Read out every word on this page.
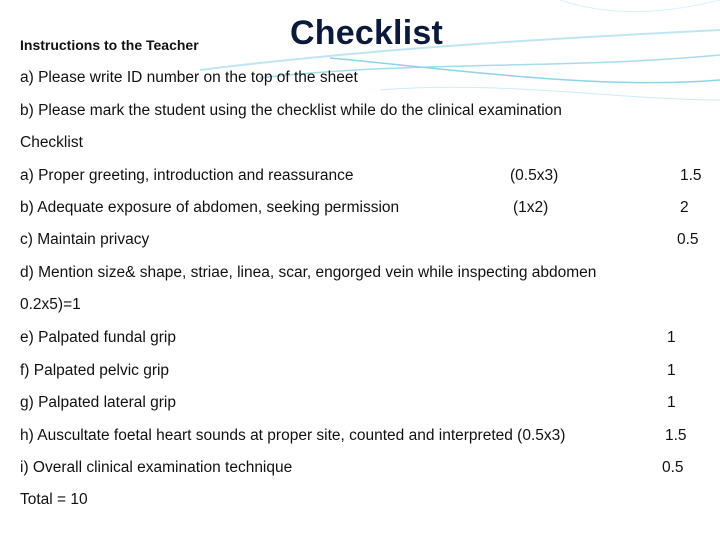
Instructions to the Teacher	Checklist
a) Please write ID number on the top of the sheet
b) Please mark the student using the checklist while do the clinical examination
Checklist
a) Proper greeting, introduction and reassurance	(0.5x3)	1.5
b) Adequate exposure of abdomen, seeking permission	(1x2)	2
c) Maintain privacy	0.5
d) Mention size& shape, striae, linea, scar, engorged vein while inspecting abdomen
0.2x5)=1
e) Palpated fundal grip	1
f) Palpated pelvic grip	1
g) Palpated lateral grip	1
h) Auscultate foetal heart sounds at proper site, counted and interpreted (0.5x3)	1.5
i) Overall clinical examination technique	0.5
Total = 10
